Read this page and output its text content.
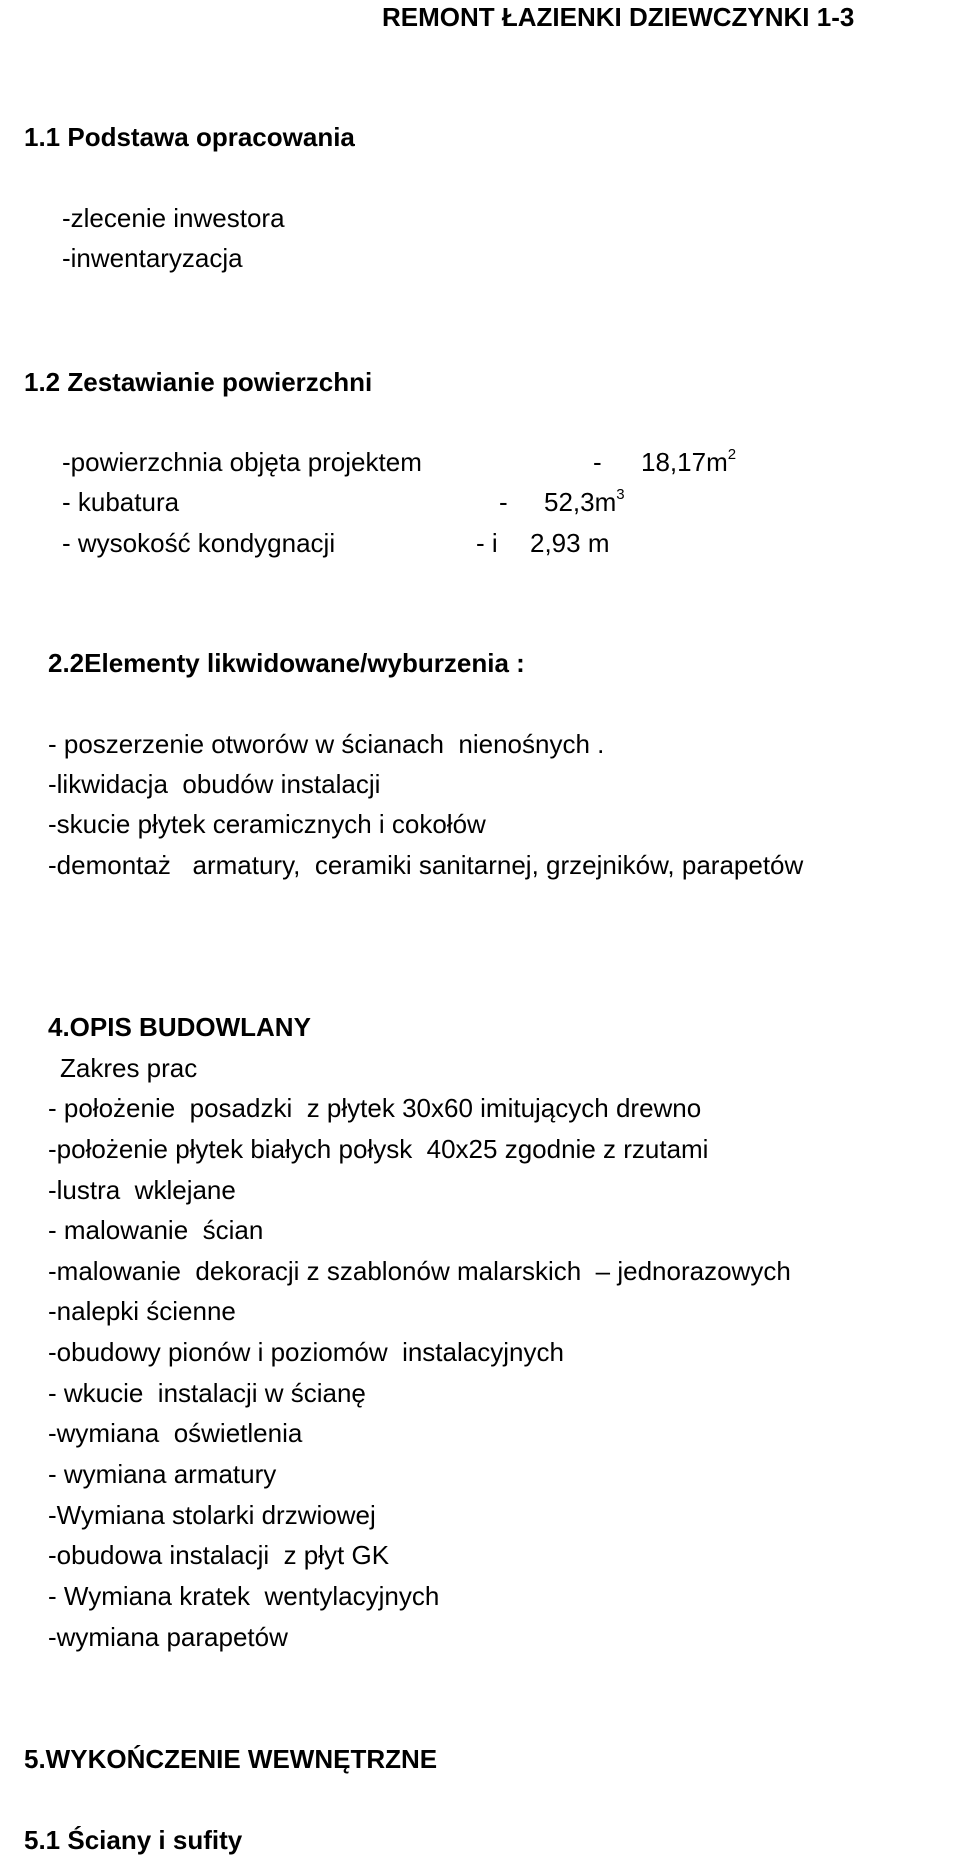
REMONT ŁAZIENKI DZIEWCZYNKI 1-3
1.1 Podstawa opracowania
-zlecenie inwestora
-inwentaryzacja
1.2 Zestawianie powierzchni
-powierzchnia objęta projektem	- $18,17m^2$
- kubatura	- $52,3m^3$
- wysokość kondygnacji	- i 2,93 m
2.2Elementy likwidowane/wyburzenia :
- poszerzenie otworów w ścianach  nienośnych .
-likwidacja  obudów instalacji
-skucie płytek ceramicznych i cokołów
-demontaż   armatury,  ceramiki sanitarnej, grzejników, parapetów
4.OPIS BUDOWLANY
Zakres prac
- położenie  posadzki  z płytek 30x60 imitujących drewno
-położenie płytek białych połysk  40x25 zgodnie z rzutami
-lustra  wklejane
- malowanie  ścian
-malowanie  dekoracji z szablonów malarskich  – jednorazowych
-nalepki ścienne
-obudowy pionów i poziomów  instalacyjnych
- wkucie  instalacji w ścianę
-wymiana  oświetlenia
- wymiana armatury
-Wymiana stolarki drzwiowej
-obudowa instalacji  z płyt GK
- Wymiana kratek  wentylacyjnych
-wymiana parapetów
5.WYKOŃCZENIE WEWNĘTRZNE
5.1 Ściany i sufity
